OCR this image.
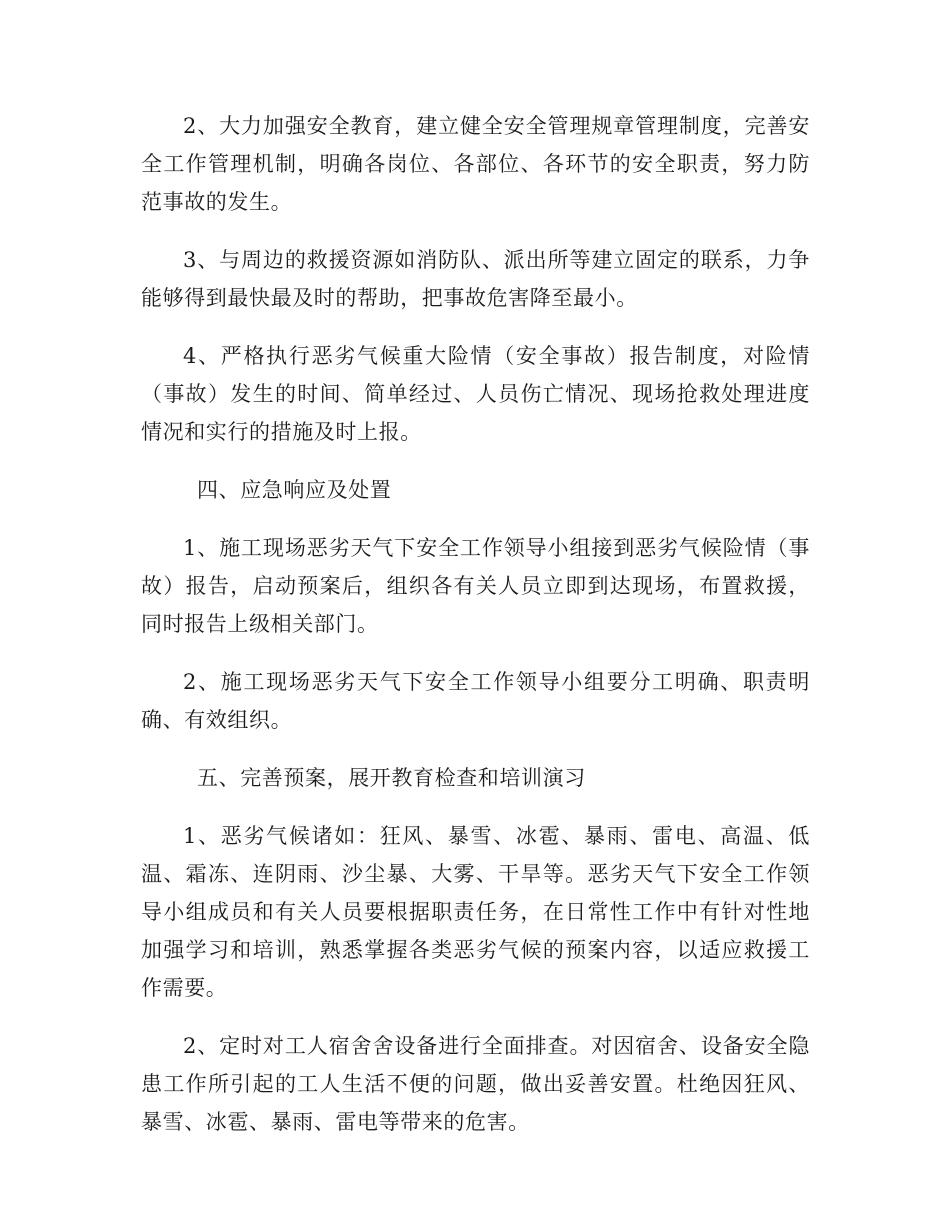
2、大力加强安全教育，建立健全安全管理规章管理制度，完善安全工作管理机制，明确各岗位、各部位、各环节的安全职责，努力防范事故的发生。

3、与周边的救援资源如消防队、派出所等建立固定的联系，力争能够得到最快最及时的帮助，把事故危害降至最小。

4、严格执行恶劣气候重大险情（安全事故）报告制度，对险情（事故）发生的时间、简单经过、人员伤亡情况、现场抢救处理进度情况和实行的措施及时上报。

四、应急响应及处置

1、施工现场恶劣天气下安全工作领导小组接到恶劣气候险情（事故）报告，启动预案后，组织各有关人员立即到达现场，布置救援，同时报告上级相关部门。

2、施工现场恶劣天气下安全工作领导小组要分工明确、职责明确、有效组织。

五、完善预案，展开教育检查和培训演习

1、恶劣气候诸如：狂风、暴雪、冰雹、暴雨、雷电、高温、低温、霜冻、连阴雨、沙尘暴、大雾、干旱等。恶劣天气下安全工作领导小组成员和有关人员要根据职责任务，在日常性工作中有针对性地加强学习和培训，熟悉掌握各类恶劣气候的预案内容，以适应救援工作需要。

2、定时对工人宿舍舍设备进行全面排查。对因宿舍、设备安全隐患工作所引起的工人生活不便的问题，做出妥善安置。杜绝因狂风、暴雪、冰雹、暴雨、雷电等带来的危害。
